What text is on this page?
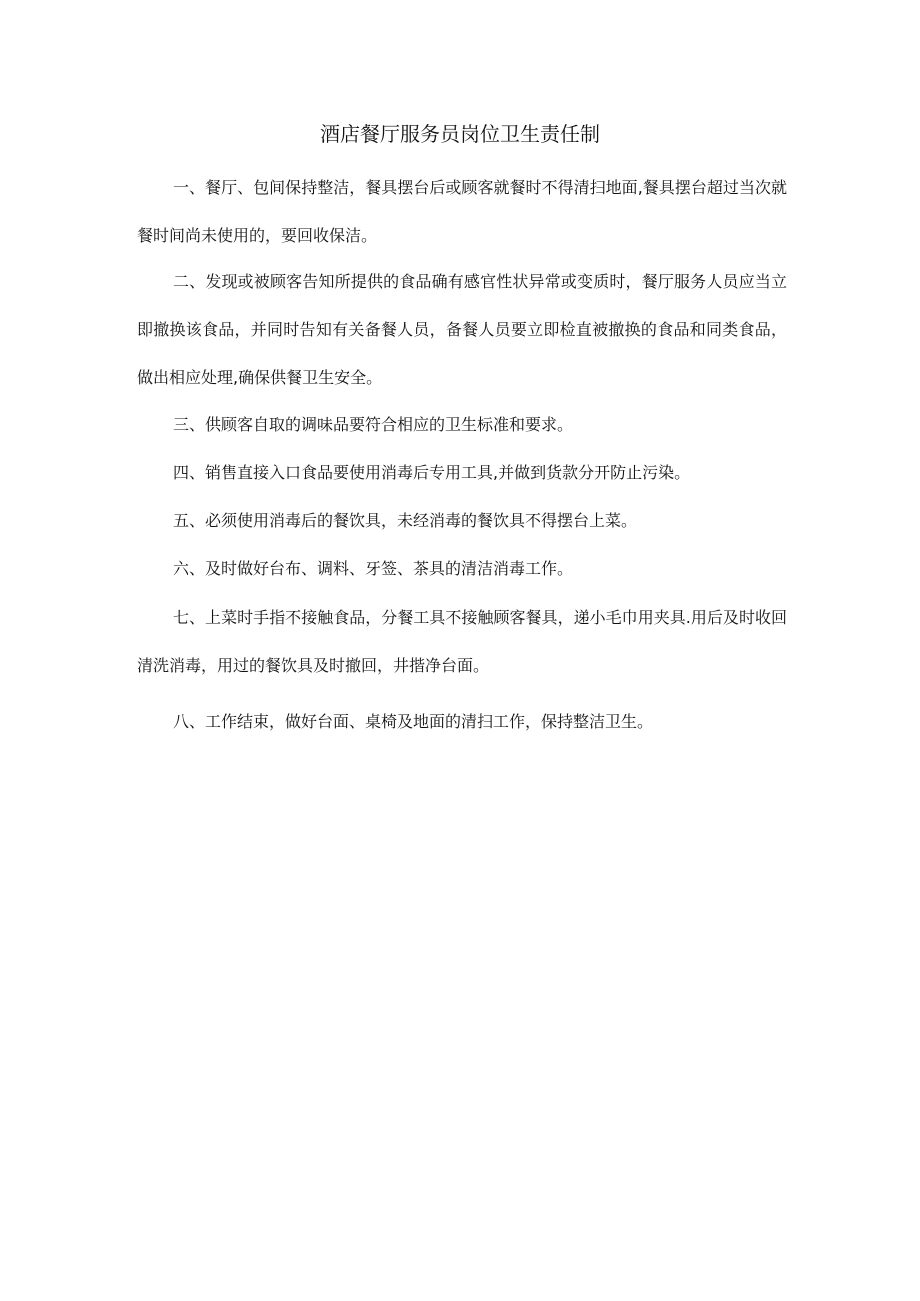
酒店餐厅服务员岗位卫生责任制

一、餐厅、包间保持整洁，餐具摆台后或顾客就餐时不得清扫地面,餐具摆台超过当次就餐时间尚未使用的，要回收保洁。

二、发现或被顾客告知所提供的食品确有感官性状异常或变质时，餐厅服务人员应当立即撤换该食品，并同时告知有关备餐人员，备餐人员要立即检直被撤换的食品和同类食品，做出相应处理,确保供餐卫生安全。

三、供顾客自取的调味品要符合相应的卫生标准和要求。

四、销售直接入口食品要使用消毒后专用工具,并做到货款分开防止污染。

五、必须使用消毒后的餐饮具，未经消毒的餐饮具不得摆台上菜。

六、及时做好台布、调料、牙签、茶具的清洁消毒工作。

七、上菜时手指不接触食品，分餐工具不接触顾客餐具，递小毛巾用夹具.用后及时收回清洗消毒，用过的餐饮具及时撤回，井揩净台面。

八、工作结束，做好台面、桌椅及地面的清扫工作，保持整洁卫生。
